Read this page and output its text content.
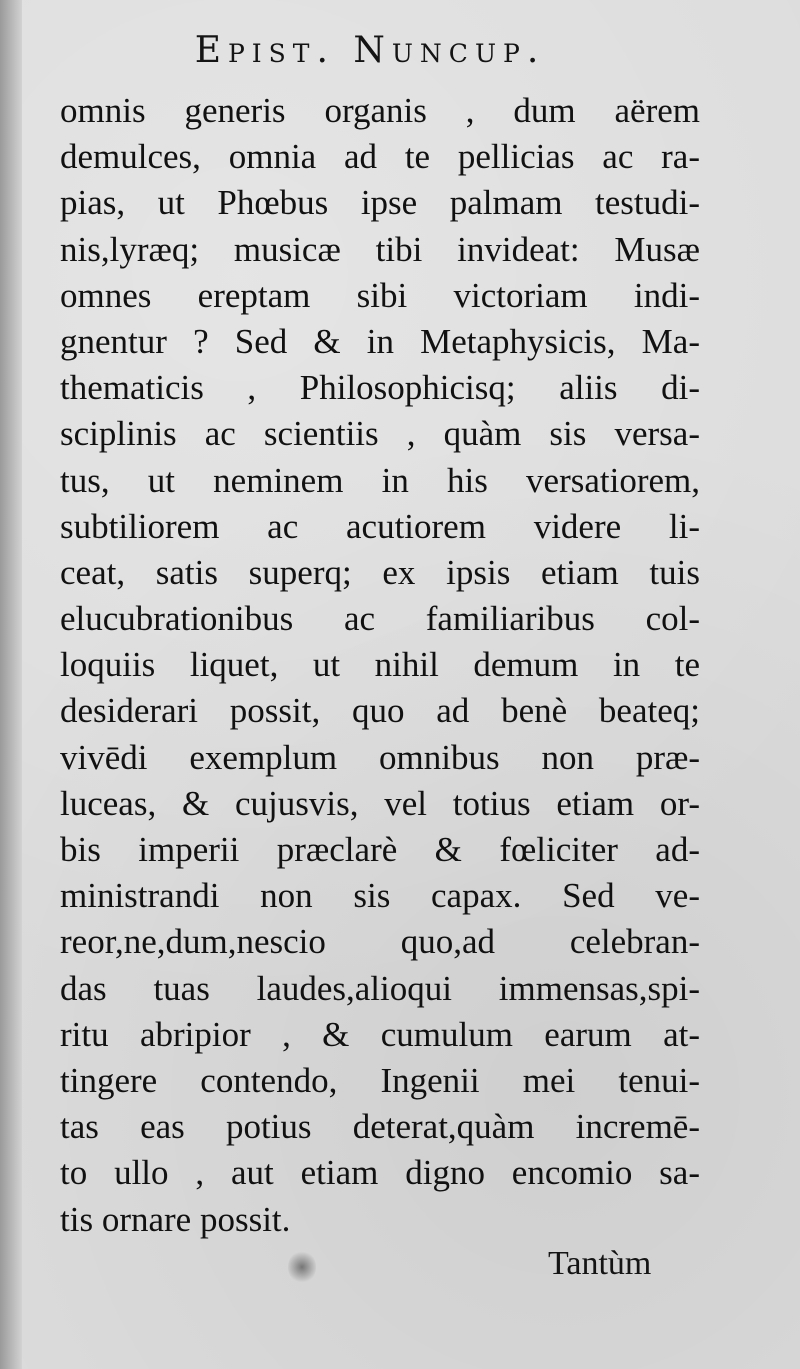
Epist. Nuncup.
omnis generis organis , dum aërem
demulces, omnia ad te pellicias ac ra-
pias, ut Phœbus ipse palmam testudi-
nis,lyræq; musicæ tibi invideat: Musæ
omnes ereptam sibi victoriam indi-
gnentur ? Sed & in Metaphysicis, Ma-
thematicis , Philosophicisq; aliis di-
sciplinis ac scientiis , quàm sis versa-
tus, ut neminem in his versatiorem,
subtiliorem ac acutiorem videre li-
ceat, satis superq; ex ipsis etiam tuis
elucubrationibus ac familiaribus col-
loquiis liquet, ut nihil demum in te
desiderari possit, quo ad benè beateq;
vivēdi exemplum omnibus non præ-
luceas, & cujusvis, vel totius etiam or-
bis imperii præclarè & fœliciter ad-
ministrandi non sis capax. Sed ve-
reor,ne,dum,nescio quo,ad celebran-
das tuas laudes,alioqui immensas,spi-
ritu abripior , & cumulum earum at-
tingere contendo, Ingenii mei tenui-
tas eas potius deterat,quàm incremē-
to ullo , aut etiam digno encomio sa-
tis ornare possit.
Tantùm
